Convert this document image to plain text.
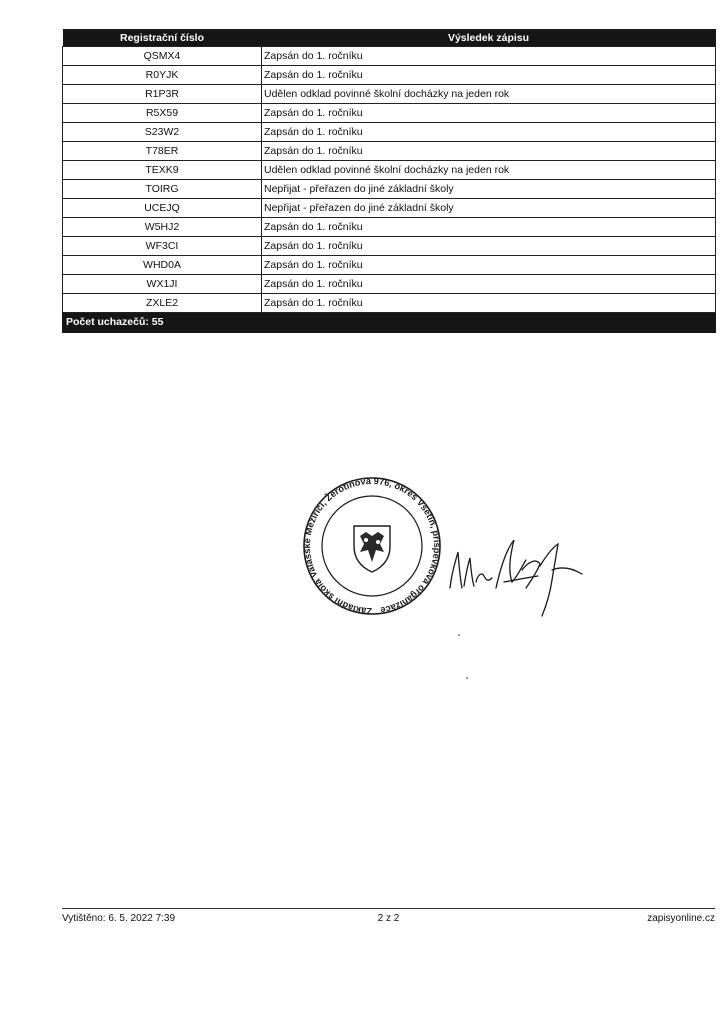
Registrační číslo	Výsledek zápisu
QSMX4	Zapsán do 1. ročníku
R0YJK	Zapsán do 1. ročníku
R1P3R	Udělen odklad povinné školní docházky na jeden rok
R5X59	Zapsán do 1. ročníku
S23W2	Zapsán do 1. ročníku
T78ER	Zapsán do 1. ročníku
TEXK9	Udělen odklad povinné školní docházky na jeden rok
TOIRG	Nepřijat - přeřazen do jiné základní školy
UCEJQ	Nepřijat - přeřazen do jiné základní školy
W5HJ2	Zapsán do 1. ročníku
WF3CI	Zapsán do 1. ročníku
WHD0A	Zapsán do 1. ročníku
WX1JI	Zapsán do 1. ročníku
ZXLE2	Zapsán do 1. ročníku
Počet uchazečů: 55	
Základní škola Valašské Meziříčí, Žerotínova 976, okres Vsetín, příspěvková organizace
Vytištěno: 6. 5. 2022 7:39	2 z 2	zapisyonline.cz
